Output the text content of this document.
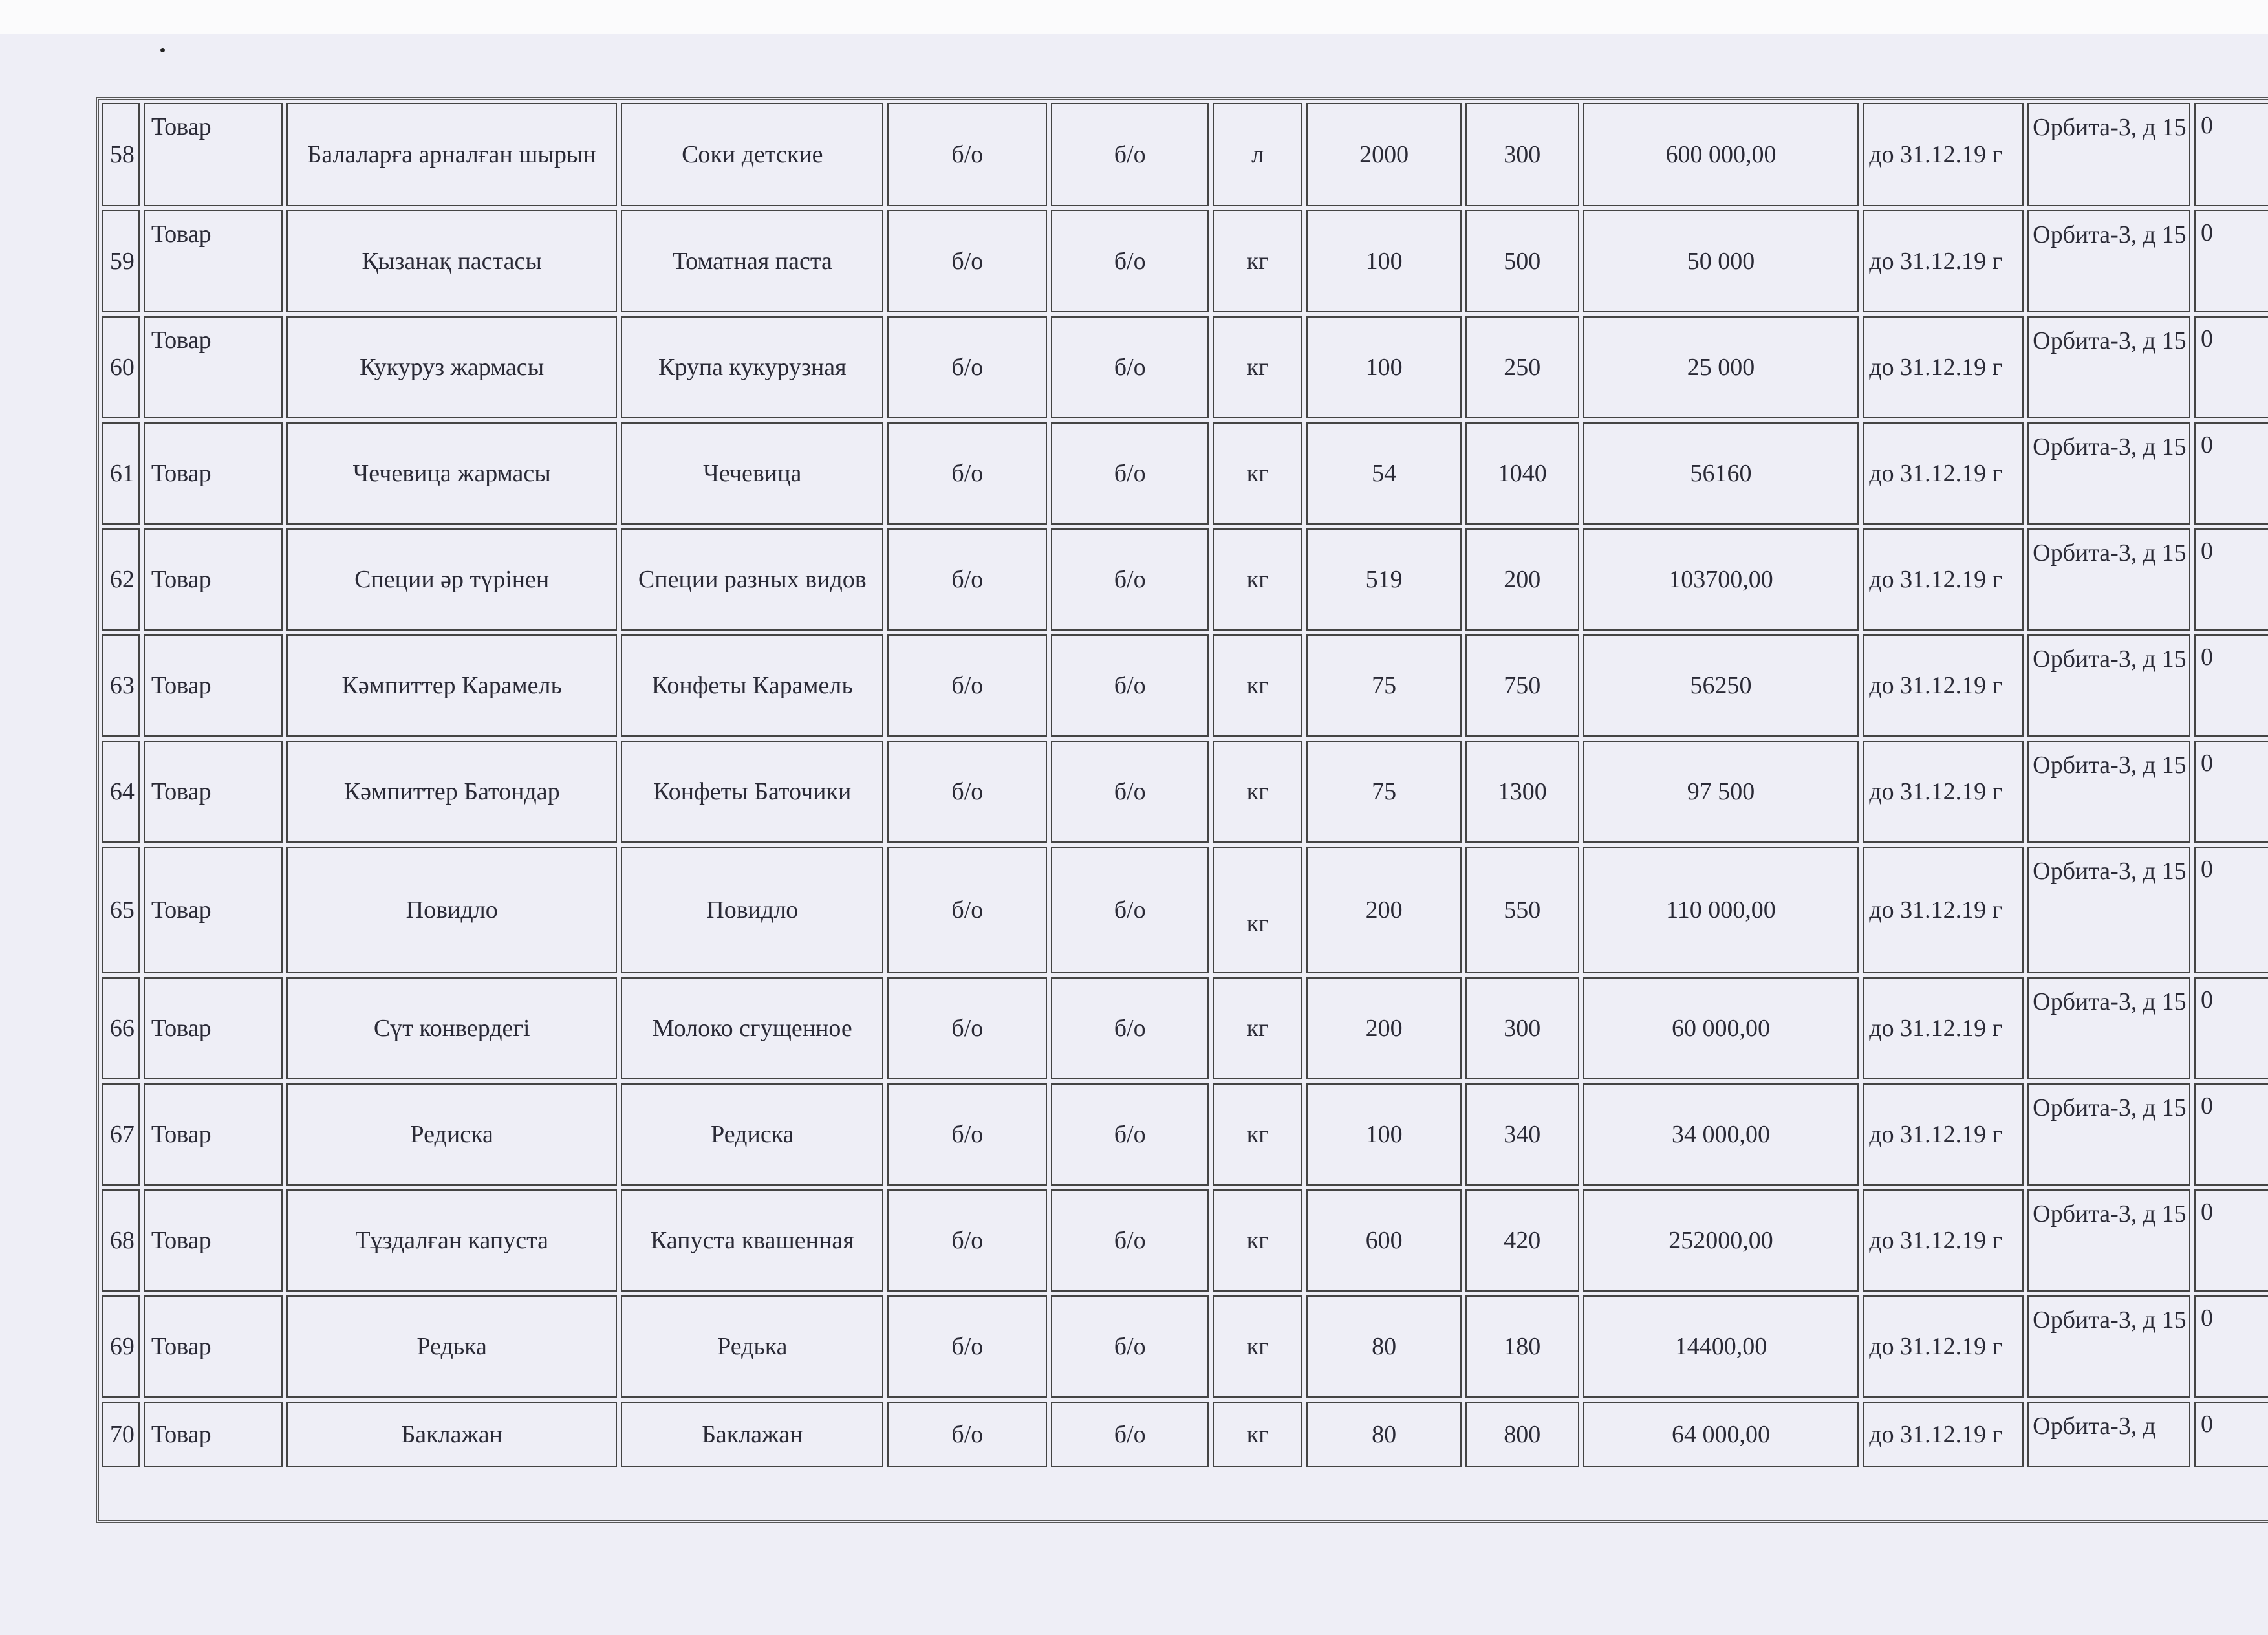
58	Товар	Балаларға арналған шырын	Соки детские	б/о	б/о	л	2000	300	600 000,00	до 31.12.19 г	Орбита-3, д 15	0
59	Товар	Қызанақ пастасы	Томатная паста	б/о	б/о	кг	100	500	50 000	до 31.12.19 г	Орбита-3, д 15	0
60	Товар	Кукуруз жармасы	Крупа кукурузная	б/о	б/о	кг	100	250	25 000	до 31.12.19 г	Орбита-3, д 15	0
61	Товар	Чечевица жармасы	Чечевица	б/о	б/о	кг	54	1040	56160	до 31.12.19 г	Орбита-3, д 15	0
62	Товар	Специи әр түрінен	Специи разных видов	б/о	б/о	кг	519	200	103700,00	до 31.12.19 г	Орбита-3, д 15	0
63	Товар	Кәмпиттер Карамель	Конфеты Карамель	б/о	б/о	кг	75	750	56250	до 31.12.19 г	Орбита-3, д 15	0
64	Товар	Кәмпиттер Батондар	Конфеты Баточики	б/о	б/о	кг	75	1300	97 500	до 31.12.19 г	Орбита-3, д 15	0
65	Товар	Повидло	Повидло	б/о	б/о	кг	200	550	110 000,00	до 31.12.19 г	Орбита-3, д 15	0
66	Товар	Сүт конвердегі	Молоко сгущенное	б/о	б/о	кг	200	300	60 000,00	до 31.12.19 г	Орбита-3, д 15	0
67	Товар	Редиска	Редиска	б/о	б/о	кг	100	340	34 000,00	до 31.12.19 г	Орбита-3, д 15	0
68	Товар	Тұздалған капуста	Капуста квашенная	б/о	б/о	кг	600	420	252000,00	до 31.12.19 г	Орбита-3, д 15	0
69	Товар	Редька	Редька	б/о	б/о	кг	80	180	14400,00	до 31.12.19 г	Орбита-3, д 15	0
70	Товар	Баклажан	Баклажан	б/о	б/о	кг	80	800	64 000,00	до 31.12.19 г	Орбита-3, д	0
